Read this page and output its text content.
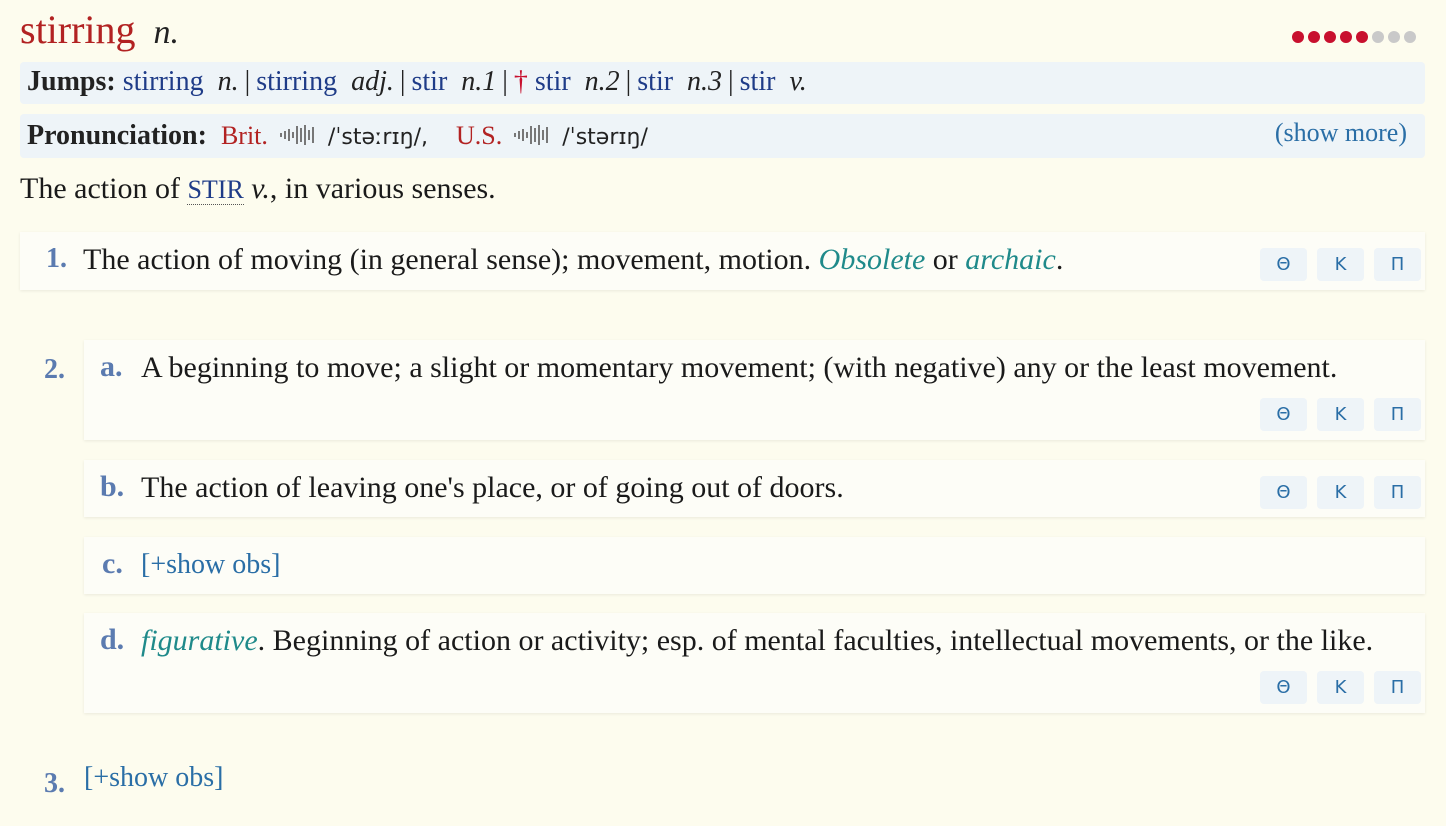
stirring n.
Jumps: stirring n. | stirring adj. | stir n.1 | † stir n.2 | stir n.3 | stir v.
Pronunciation: Brit.	/ˈstəːrɪŋ/, U.S.	/ˈstərɪŋ/	(show more)
The action of STIR v., in various senses.
1. The action of moving (in general sense); movement, motion. Obsolete or archaic.	Θ	Κ	Π
2. a. A beginning to move; a slight or momentary movement; (with negative) any or the least movement.
Θ	Κ	Π
b. The action of leaving one's place, or of going out of doors.	Θ	Κ	Π
c. [+show obs]
d. figurative. Beginning of action or activity; esp. of mental faculties, intellectual movements, or the like.
Θ	Κ	Π
3. [+show obs]
